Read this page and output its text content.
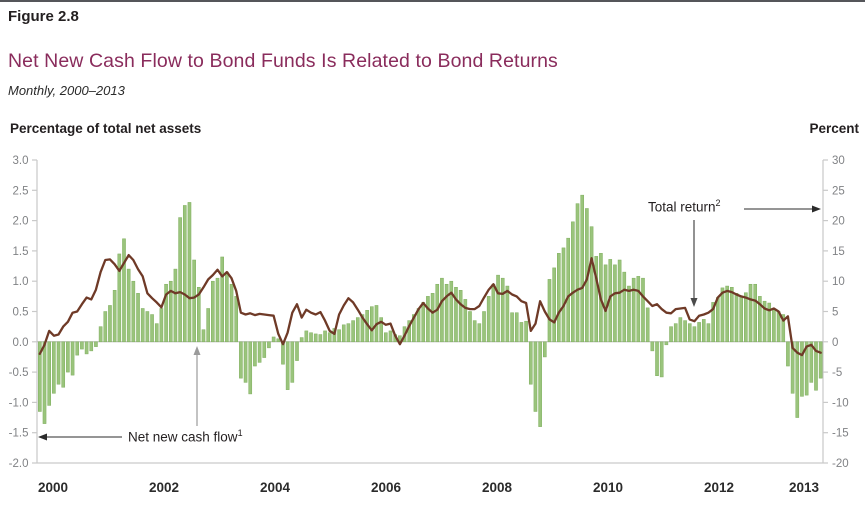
Figure 2.8
Net New Cash Flow to Bond Funds Is Related to Bond Returns
Monthly, 2000–2013
Percentage of total net assets	Percent
3.0
2.5
2.0
1.5
1.0
0.5
0.0
-0.5
-1.0
-1.5
-2.0
30
25
20
15
10
5
0
-5
-10
-15
-20
2000	2002	2004	2006	2008	2010	2012	2013
Net new cash flow$^1$
Total return$^2$
